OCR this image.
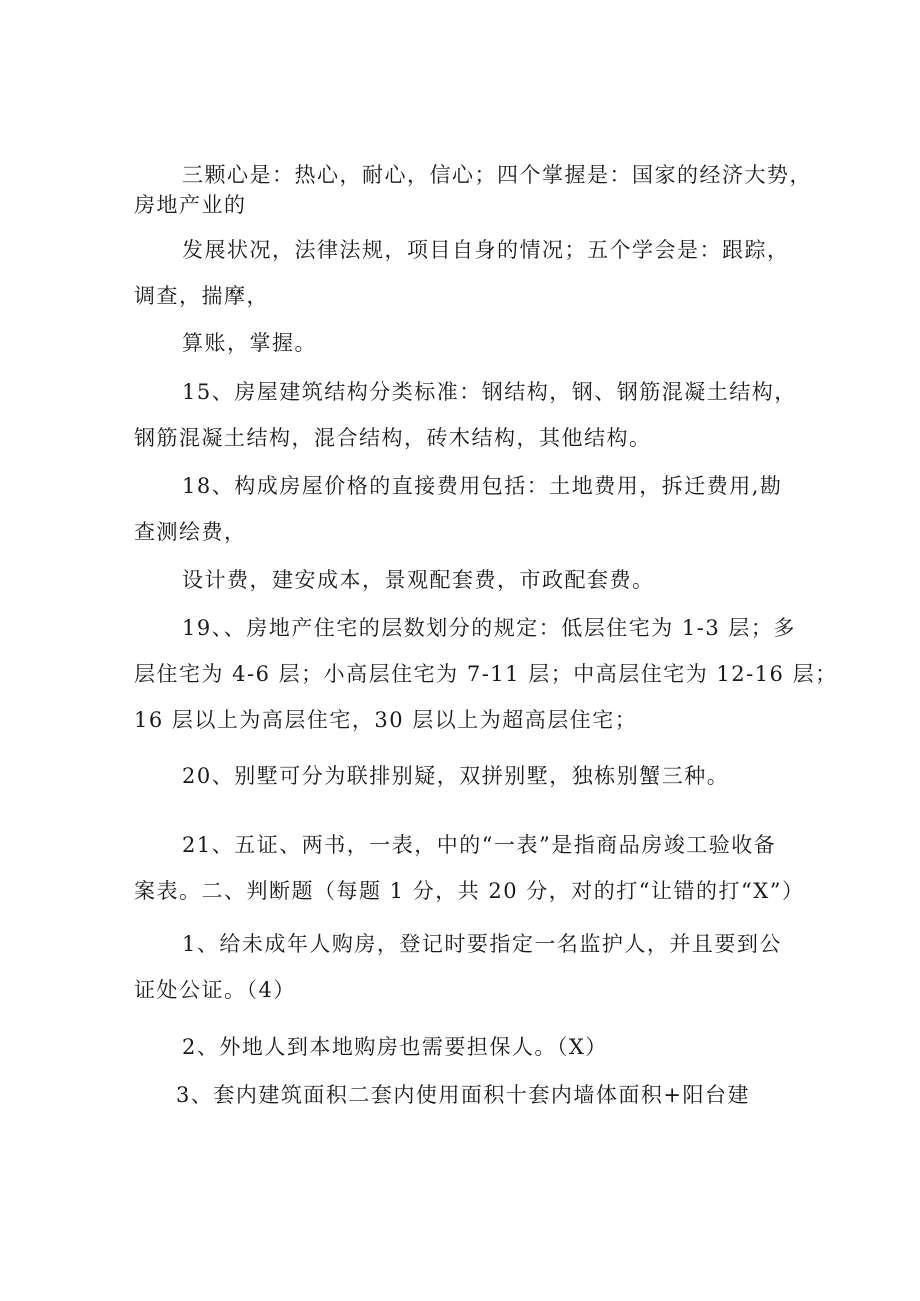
三颗心是：热心，耐心，信心；四个掌握是：国家的经济大势，
房地产业的

发展状况，法律法规，项目自身的情况；五个学会是：跟踪，
调查，揣摩，

算账，掌握。

15、房屋建筑结构分类标准：钢结构，钢、钢筋混凝土结构，
钢筋混凝土结构，混合结构，砖木结构，其他结构。

18、构成房屋价格的直接费用包括：土地费用，拆迁费用,勘
查测绘费，

设计费，建安成本，景观配套费，市政配套费。

19、、房地产住宅的层数划分的规定：低层住宅为 1-3 层；多
层住宅为 4-6 层；小高层住宅为 7-11 层；中高层住宅为 12-16 层；
16 层以上为高层住宅，30 层以上为超高层住宅；

20、别墅可分为联排别疑，双拼别墅，独栋别蟹三种。

21、五证、两书，一表，中的“一表”是指商品房竣工验收备
案表。二、判断题（每题 1 分，共 20 分，对的打“让错的打“X”）

1、给未成年人购房，登记时要指定一名监护人，并且要到公
证处公证。（4）

2、外地人到本地购房也需要担保人。（X）

3、套内建筑面积二套内使用面积十套内墙体面积+阳台建
